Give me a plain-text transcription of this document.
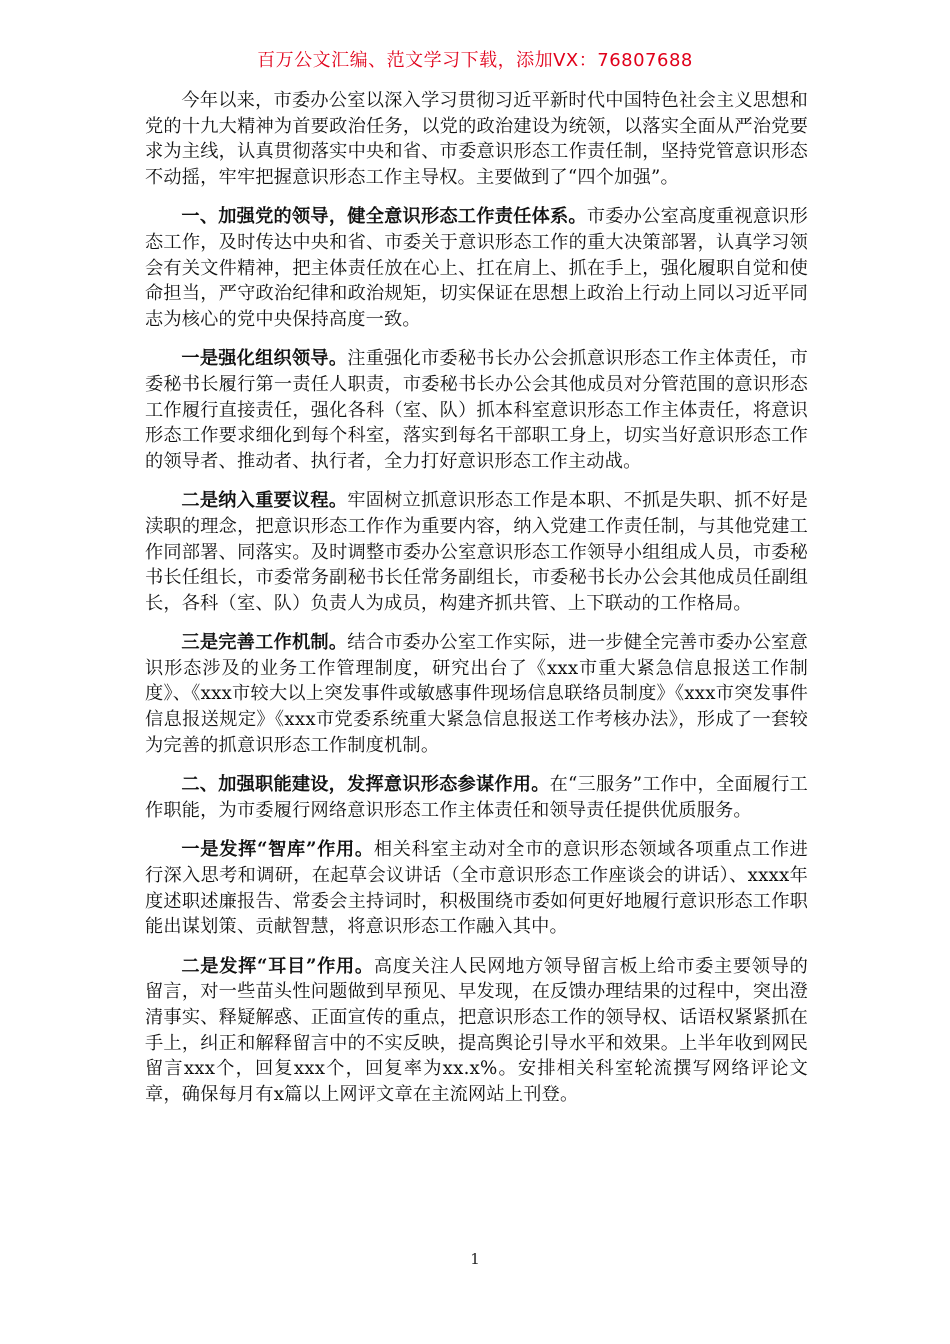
百万公文汇编、范文学习下载，添加VX：76807688

今年以来，市委办公室以深入学习贯彻习近平新时代中国特色社会主义思想和党的十九大精神为首要政治任务，以党的政治建设为统领，以落实全面从严治党要求为主线，认真贯彻落实中央和省、市委意识形态工作责任制，坚持党管意识形态不动摇，牢牢把握意识形态工作主导权。主要做到了“四个加强”。

一、加强党的领导，健全意识形态工作责任体系。市委办公室高度重视意识形态工作，及时传达中央和省、市委关于意识形态工作的重大决策部署，认真学习领会有关文件精神，把主体责任放在心上、扛在肩上、抓在手上，强化履职自觉和使命担当，严守政治纪律和政治规矩，切实保证在思想上政治上行动上同以习近平同志为核心的党中央保持高度一致。

一是强化组织领导。注重强化市委秘书长办公会抓意识形态工作主体责任，市委秘书长履行第一责任人职责，市委秘书长办公会其他成员对分管范围的意识形态工作履行直接责任，强化各科（室、队）抓本科室意识形态工作主体责任，将意识形态工作要求细化到每个科室，落实到每名干部职工身上，切实当好意识形态工作的领导者、推动者、执行者，全力打好意识形态工作主动战。

二是纳入重要议程。牢固树立抓意识形态工作是本职、不抓是失职、抓不好是渎职的理念，把意识形态工作作为重要内容，纳入党建工作责任制，与其他党建工作同部署、同落实。及时调整市委办公室意识形态工作领导小组组成人员，市委秘书长任组长，市委常务副秘书长任常务副组长，市委秘书长办公会其他成员任副组长，各科（室、队）负责人为成员，构建齐抓共管、上下联动的工作格局。

三是完善工作机制。结合市委办公室工作实际，进一步健全完善市委办公室意识形态涉及的业务工作管理制度，研究出台了《xxx市重大紧急信息报送工作制度》、《xxx市较大以上突发事件或敏感事件现场信息联络员制度》《xxx市突发事件信息报送规定》《xxx市党委系统重大紧急信息报送工作考核办法》，形成了一套较为完善的抓意识形态工作制度机制。

二、加强职能建设，发挥意识形态参谋作用。在“三服务”工作中，全面履行工作职能，为市委履行网络意识形态工作主体责任和领导责任提供优质服务。

一是发挥“智库”作用。相关科室主动对全市的意识形态领域各项重点工作进行深入思考和调研，在起草会议讲话（全市意识形态工作座谈会的讲话）、xxxx年度述职述廉报告、常委会主持词时，积极围绕市委如何更好地履行意识形态工作职能出谋划策、贡献智慧，将意识形态工作融入其中。

二是发挥“耳目”作用。高度关注人民网地方领导留言板上给市委主要领导的留言，对一些苗头性问题做到早预见、早发现，在反馈办理结果的过程中，突出澄清事实、释疑解惑、正面宣传的重点，把意识形态工作的领导权、话语权紧紧抓在手上，纠正和解释留言中的不实反映，提高舆论引导水平和效果。上半年收到网民留言xxx个，回复xxx个，回复率为xx.x%。安排相关科室轮流撰写网络评论文章，确保每月有x篇以上网评文章在主流网站上刊登。

1
